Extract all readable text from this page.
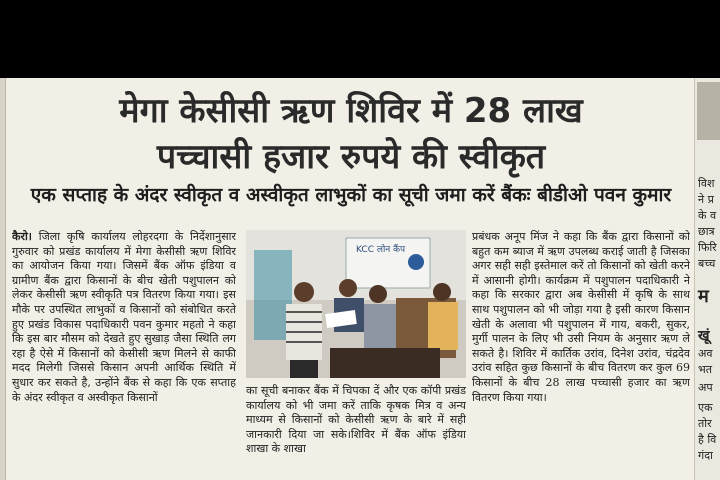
मेगा केसीसी ऋण शिविर में 28 लाख
पच्चासी हजार रुपये की स्वीकृत
एक सप्ताह के अंदर स्वीकृत व अस्वीकृत लाभुकों का सूची जमा करें बैंकः बीडीओ पवन कुमार

कैरो। जिला कृषि कार्यालय लोहरदगा के निर्देशानुसार गुरुवार को प्रखंड कार्यालय में मेगा केसीसी ऋण शिविर का आयोजन किया गया। जिसमें बैंक ऑफ इंडिया व ग्रामीण बैंक द्वारा किसानों के बीच खेती पशुपालन को लेकर केसीसी ऋण स्वीकृति पत्र वितरण किया गया। इस मौके पर उपस्थित लाभुकों व किसानों को संबोधित करते हुए प्रखंड विकास पदाधिकारी पवन कुमार महतो ने कहा कि इस बार मौसम को देखते हुए सुखाड़ जैसा स्थिति लग रहा है ऐसे में किसानों को केसीसी ऋण मिलने से काफी मदद मिलेगी जिससे किसान अपनी आर्थिक स्थिति में सुधार कर सकते है, उन्होंने बैंक से कहा कि एक सप्ताह के अंदर स्वीकृत व अस्वीकृत किसानों

KCC लोन कैंप

का सूची बनाकर बैंक में चिपका दें और एक कॉपी प्रखंड कार्यालय को भी जमा करें ताकि कृषक मित्र व अन्य माध्यम से किसानों को केसीसी ऋण के बारे में सही जानकारी दिया जा सके।शिविर में बैंक ऑफ इंडिया शाखा के शाखा

प्रबंधक अनूप मिंज ने कहा कि बैंक द्वारा किसानों को बहुत कम ब्याज में ऋण उपलब्ध कराई जाती है जिसका अगर सही सही इस्तेमाल करें तो किसानों को खेती करने में आसानी होगी। कार्यक्रम में पशुपालन पदाधिकारी ने कहा कि सरकार द्वारा अब केसीसी में कृषि के साथ साथ पशुपालन को भी जोड़ा गया है इसी कारण किसान खेती के अलावा भी पशुपालन में गाय, बकरी, सुकर, मुर्गी पालन के लिए भी उसी नियम के अनुसार ऋण ले सकते है। शिविर में कार्तिक उरांव, दिनेश उरांव, चंद्रदेव उरांव सहित कुछ किसानों के बीच वितरण कर कुल 69 किसानों के बीच 28 लाख पच्चासी हजार का ऋण वितरण किया गया।

विश
ने प्र
के व
छात्र
फिरि
बच्च
म
खूं
अव
भत
अप
एक
तोर
है वि
गंदा
